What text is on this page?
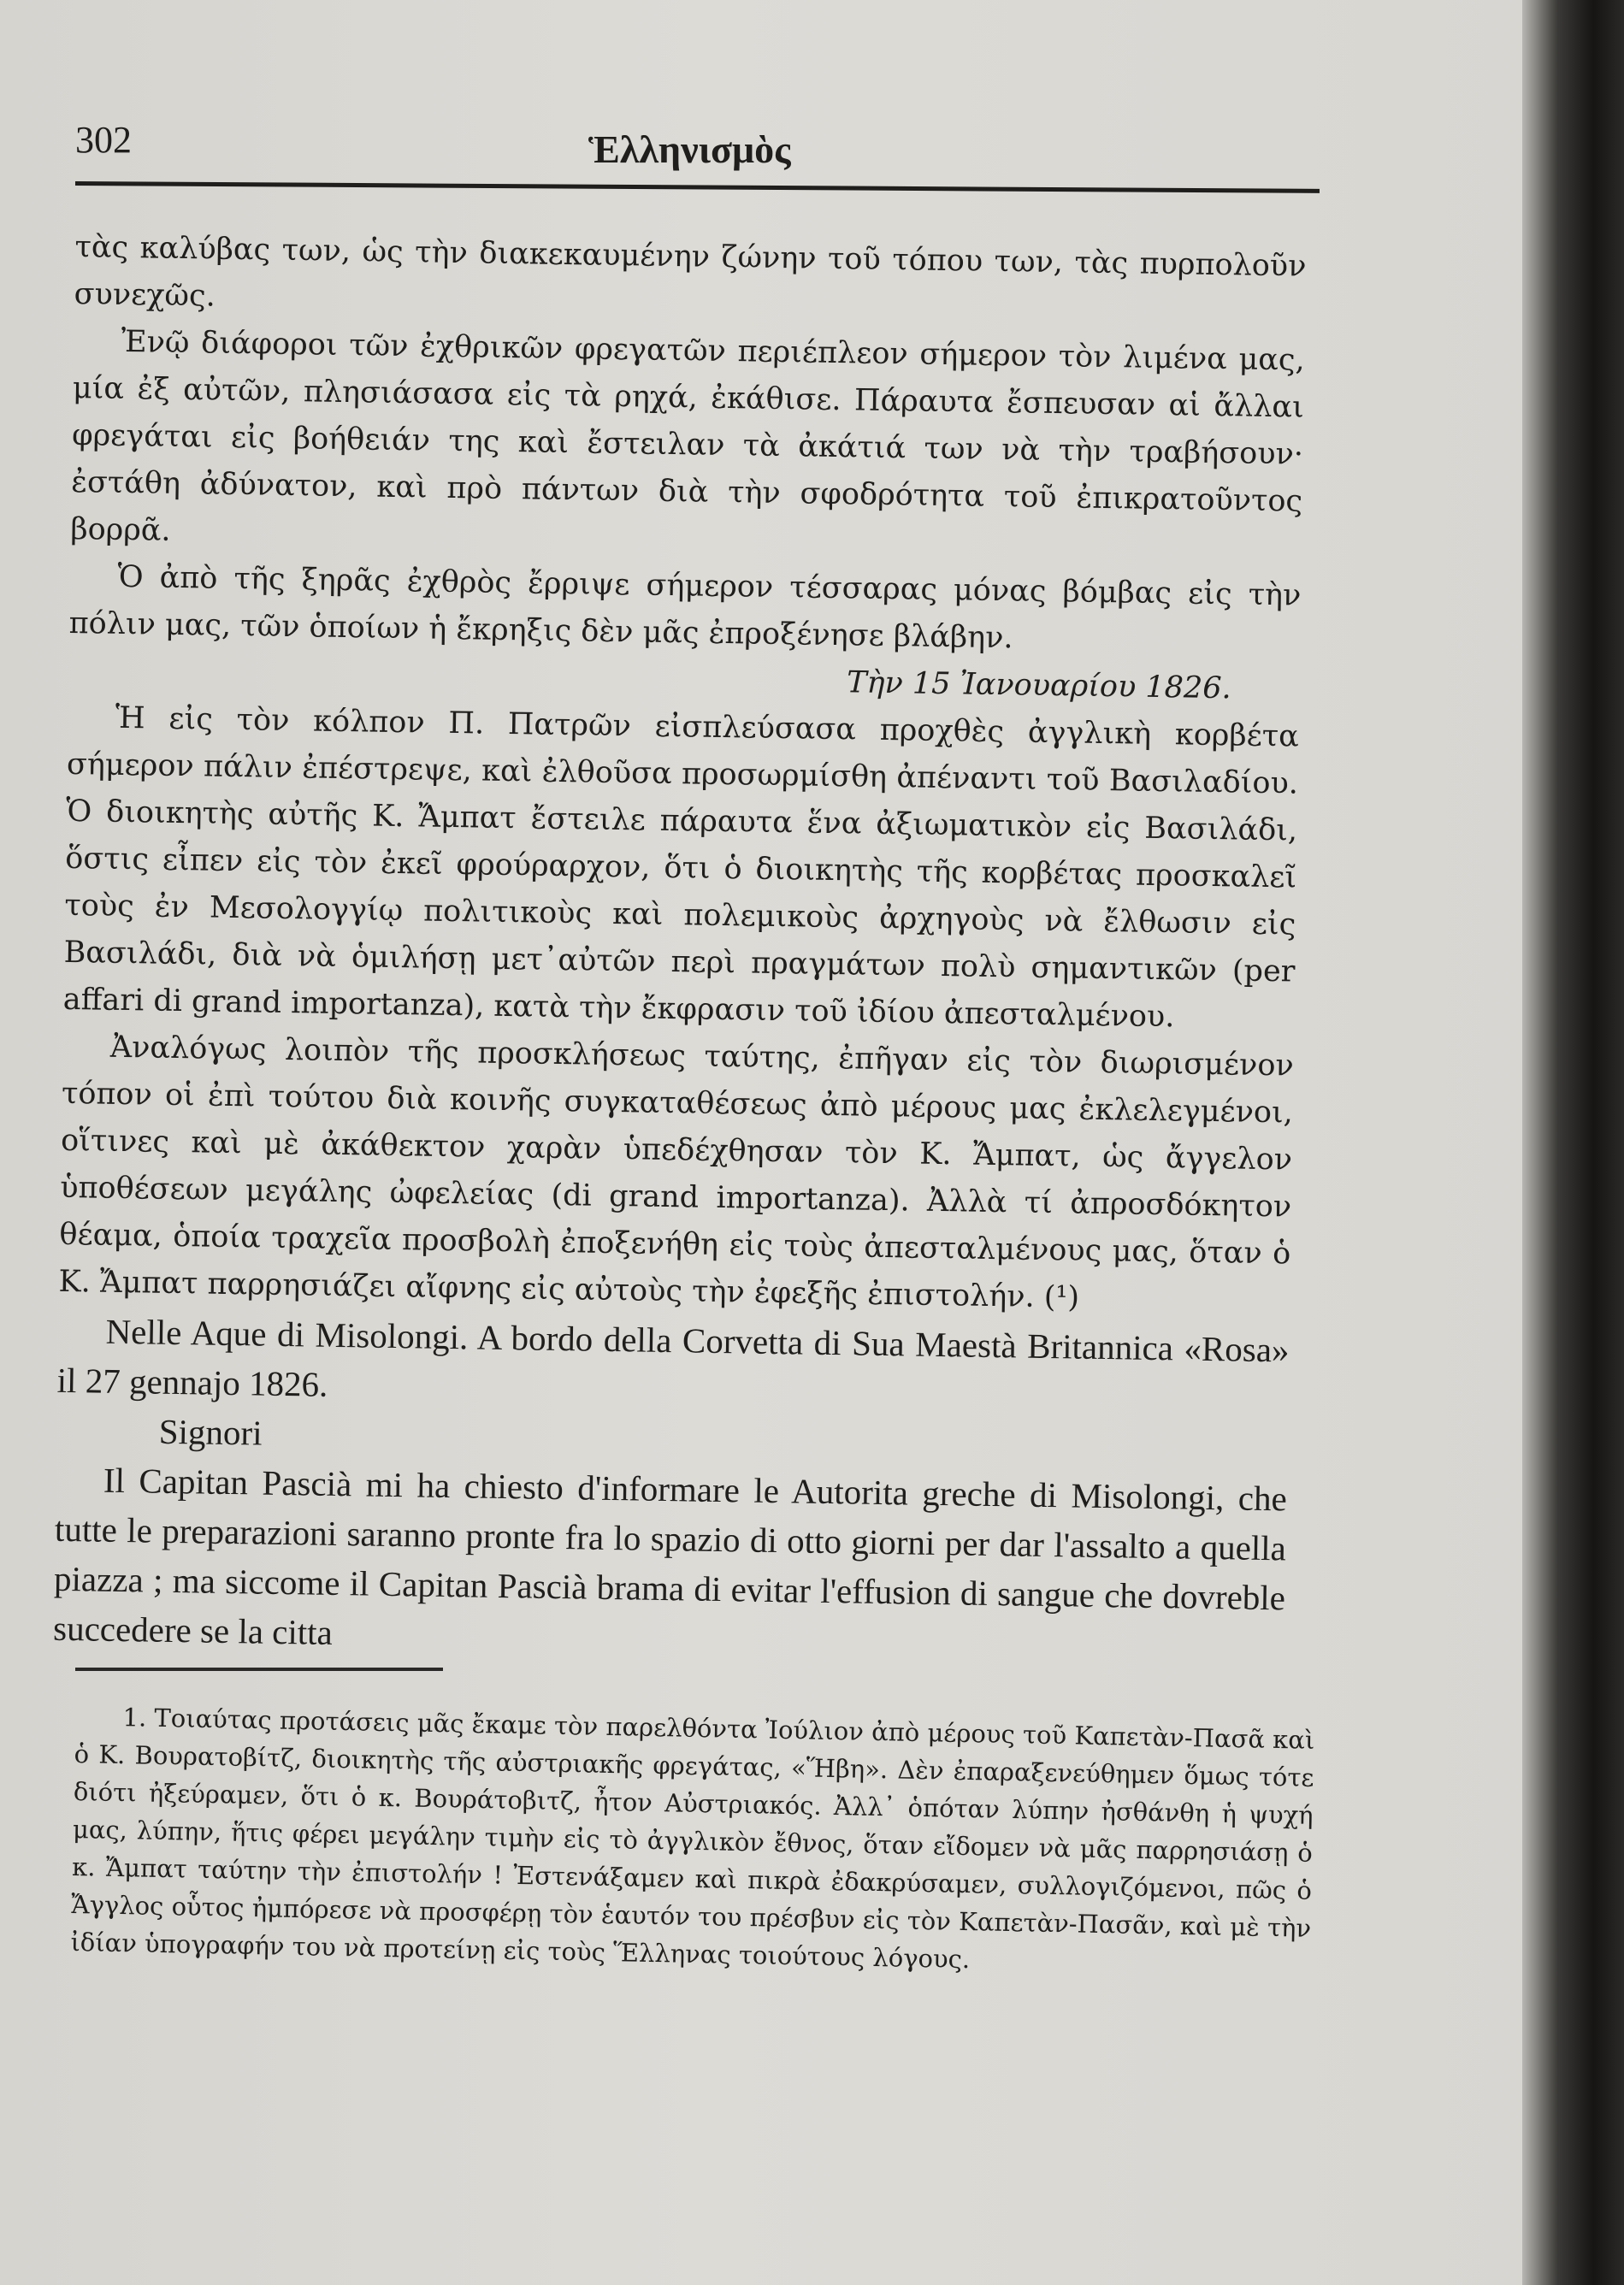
302	Ἑλληνισμὸς

τὰς καλύβας των, ὡς τὴν διακεκαυμένην ζώνην τοῦ τόπου των, τὰς πυρπολοῦν συνεχῶς.

Ἐνῷ διάφοροι τῶν ἐχθρικῶν φρεγατῶν περιέπλεον σήμερον τὸν λιμένα μας, μία ἐξ αὐτῶν, πλησιάσασα εἰς τὰ ρηχά, ἐκάθισε. Πάραυτα ἔσπευσαν αἱ ἄλλαι φρεγάται εἰς βοήθειάν της καὶ ἔστειλαν τὰ ἀκάτιά των νὰ τὴν τραβήσουν· ἐστάθη ἀδύνατον, καὶ πρὸ πάντων διὰ τὴν σφοδρότητα τοῦ ἐπικρατοῦντος βορρᾶ.

Ὁ ἀπὸ τῆς ξηρᾶς ἐχθρὸς ἔρριψε σήμερον τέσσαρας μόνας βόμβας εἰς τὴν πόλιν μας, τῶν ὁποίων ἡ ἔκρηξις δὲν μᾶς ἐπροξένησε βλάβην.

Τὴν 15 Ἰανουαρίου 1826.

Ἡ εἰς τὸν κόλπον Π. Πατρῶν εἰσπλεύσασα προχθὲς ἀγγλικὴ κορβέτα σήμερον πάλιν ἐπέστρεψε, καὶ ἐλθοῦσα προσωρμίσθη ἀπέναντι τοῦ Βασιλαδίου. Ὁ διοικητὴς αὐτῆς Κ. Ἄμπατ ἔστειλε πάραυτα ἕνα ἀξιωματικὸν εἰς Βασιλάδι, ὅστις εἶπεν εἰς τὸν ἐκεῖ φρούραρχον, ὅτι ὁ διοικητὴς τῆς κορβέτας προσκαλεῖ τοὺς ἐν Μεσολογγίῳ πολιτικοὺς καὶ πολεμικοὺς ἀρχηγοὺς νὰ ἔλθωσιν εἰς Βασιλάδι, διὰ νὰ ὁμιλήσῃ μετ᾽αὐτῶν περὶ πραγμάτων πολὺ σημαντικῶν (per affari di grand importanza), κατὰ τὴν ἔκφρασιν τοῦ ἰδίου ἀπεσταλμένου.

Ἀναλόγως λοιπὸν τῆς προσκλήσεως ταύτης, ἐπῆγαν εἰς τὸν διωρισμένον τόπον οἱ ἐπὶ τούτου διὰ κοινῆς συγκαταθέσεως ἀπὸ μέρους μας ἐκλελεγμένοι, οἵτινες καὶ μὲ ἀκάθεκτον χαρὰν ὑπεδέχθησαν τὸν Κ. Ἄμπατ, ὡς ἄγγελον ὑποθέσεων μεγάλης ὠφελείας (di grand importanza). Ἀλλὰ τί ἀπροσδόκητον θέαμα, ὁποία τραχεῖα προσβολὴ ἐποξενήθη εἰς τοὺς ἀπεσταλμένους μας, ὅταν ὁ Κ. Ἄμπατ παρρησιάζει αἴφνης εἰς αὐτοὺς τὴν ἐφεξῆς ἐπιστολήν. (¹)

Nelle Aque di Misolongi. A bordo della Corvetta di Sua Maestà Britannica «Rosa» il 27 gennajo 1826.

Signori

Il Capitan Pascià mi ha chiesto d'informare le Autorita greche di Misolongi, che tutte le preparazioni saranno pronte fra lo spazio di otto giorni per dar l'assalto a quella piazza ; ma siccome il Capitan Pascià brama di evitar l'effusion di sangue che dovreble succedere se la citta

1. Τοιαύτας προτάσεις μᾶς ἔκαμε τὸν παρελθόντα Ἰούλιον ἀπὸ μέρους τοῦ Καπετὰν-Πασᾶ καὶ ὁ Κ. Βουρατοβίτζ, διοικητὴς τῆς αὐστριακῆς φρεγάτας, «Ἥβη». Δὲν ἐπαραξενεύθημεν ὅμως τότε διότι ἠξεύραμεν, ὅτι ὁ κ. Βουράτοβιτζ, ἦτον Αὐστριακός. Ἀλλ᾽ ὁπόταν λύπην ἠσθάνθη ἡ ψυχή μας, λύπην, ἥτις φέρει μεγάλην τιμὴν εἰς τὸ ἀγγλικὸν ἔθνος, ὅταν εἴδομεν νὰ μᾶς παρρησιάσῃ ὁ κ. Ἄμπατ ταύτην τὴν ἐπιστολήν ! Ἐστενάξαμεν καὶ πικρὰ ἐδακρύσαμεν, συλλογιζόμενοι, πῶς ὁ Ἄγγλος οὗτος ἠμπόρεσε νὰ προσφέρῃ τὸν ἑαυτόν του πρέσβυν εἰς τὸν Καπετὰν-Πασᾶν, καὶ μὲ τὴν ἰδίαν ὑπογραφήν του νὰ προτείνῃ εἰς τοὺς Ἕλληνας τοιούτους λόγους.
